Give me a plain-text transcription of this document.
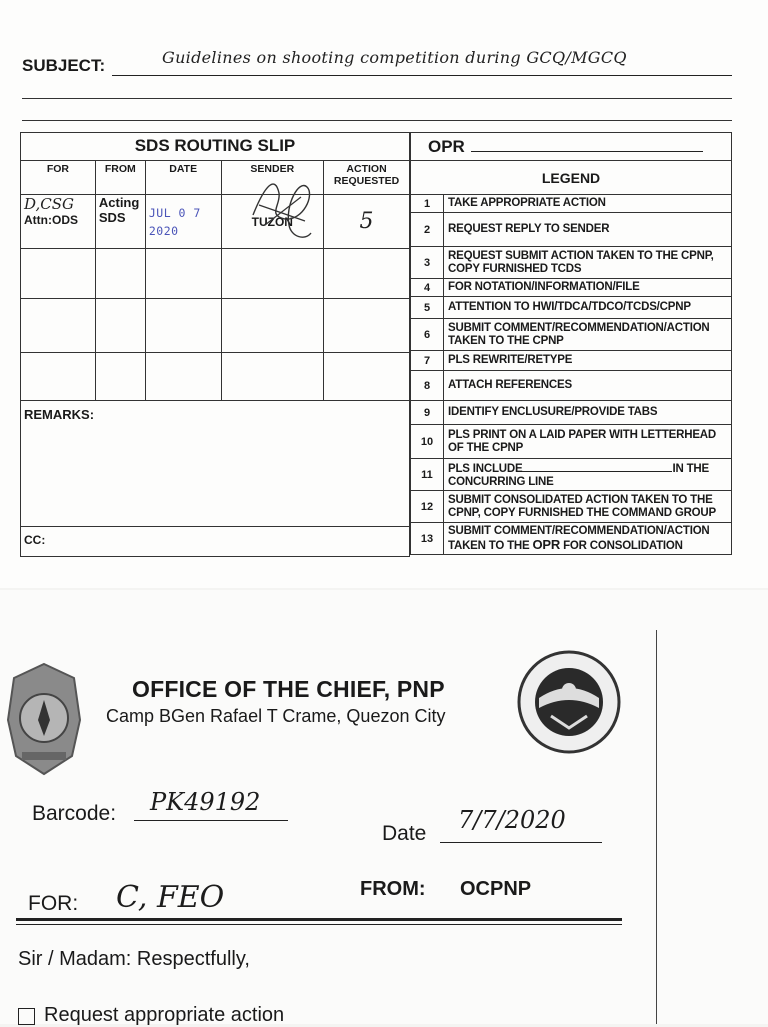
SUBJECT:	Guidelines on shooting competition during GCQ/MGCQ
SDS ROUTING SLIP				
FOR	FROM	DATE	SENDER	ACTION REQUESTED

D,CSG
Attn:ODS	Acting SDS	JUL 0 7 2020	TUZON	5

REMARKS:				
CC:				
OPR	
LEGEND	
1	TAKE APPROPRIATE ACTION
2	REQUEST REPLY TO SENDER
3	REQUEST SUBMIT ACTION TAKEN TO THE CPNP, COPY FURNISHED TCDS
4	FOR NOTATION/INFORMATION/FILE
5	ATTENTION TO HWI/TDCA/TDCO/TCDS/CPNP
6	SUBMIT COMMENT/RECOMMENDATION/ACTION TAKEN TO THE CPNP
7	PLS REWRITE/RETYPE
8	ATTACH REFERENCES
9	IDENTIFY ENCLUSURE/PROVIDE TABS
10	PLS PRINT ON A LAID PAPER WITH LETTERHEAD OF THE CPNP
11	PLS INCLUDE IN THE
CONCURRING LINE
12	SUBMIT CONSOLIDATED ACTION TAKEN TO THE CPNP, COPY FURNISHED THE COMMAND GROUP
13	SUBMIT COMMENT/RECOMMENDATION/ACTION TAKEN TO THE OPR FOR CONSOLIDATION
OFFICE OF THE CHIEF, PNP
Camp BGen Rafael T Crame, Quezon City
Barcode: PK49192
Date 7/7/2020
FOR: C, FEO	FROM: OCPNP
Sir / Madam: Respectfully,
Request appropriate action
